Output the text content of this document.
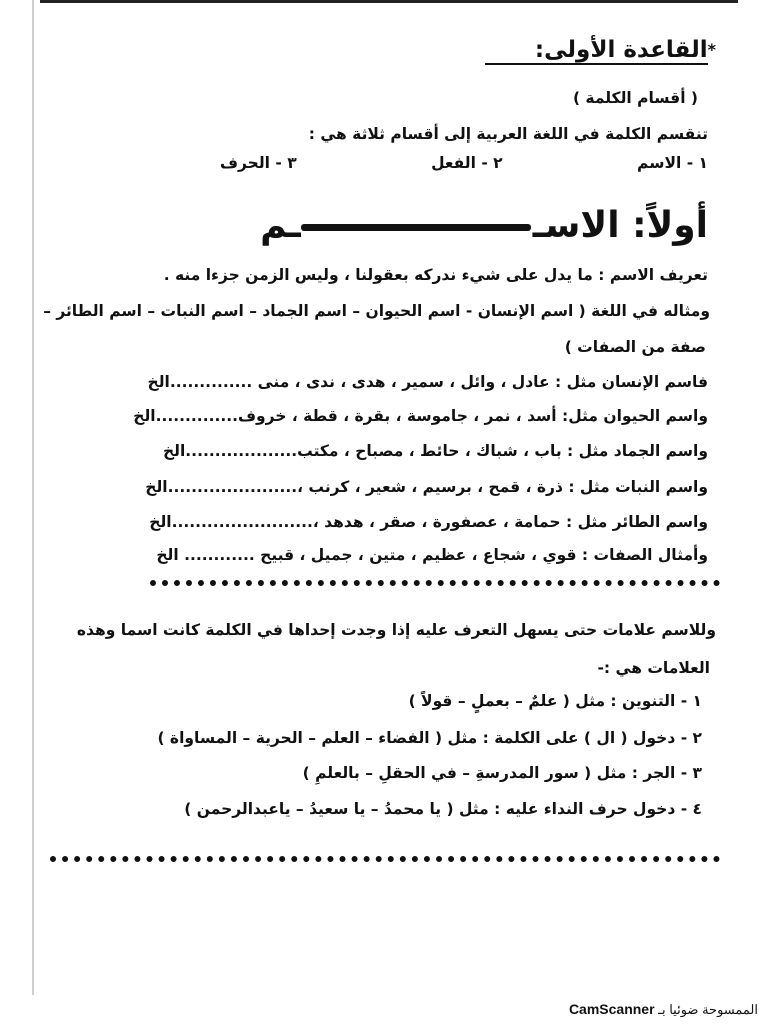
*القاعدة الأولى:
( أقسام الكلمة )
تنقسم الكلمة في اللغة العربية إلى أقسام ثلاثة هي :
١ - الاسم
٢ - الفعل
٣ - الحرف
أولاً: الاســم
تعريف الاسم : ما يدل على شيء ندركه بعقولنا ، وليس الزمن جزءا منه .
ومثاله في اللغة ( اسم الإنسان - اسم الحيوان – اسم الجماد – اسم النبات – اسم الطائر –
صفة من الصفات )
فاسم الإنسان مثل : عادل ، وائل ، سمير ، هدى ، ندى ، منى ..............الخ
واسم الحيوان مثل: أسد ، نمر ، جاموسة ، بقرة ، قطة ، خروف..............الخ
واسم الجماد مثل : باب ، شباك ، حائط ، مصباح ، مكتب...................الخ
واسم النبات مثل : ذرة ، قمح ، برسيم ، شعير ، كرنب ،......................الخ
واسم الطائر مثل : حمامة ، عصفورة ، صقر ، هدهد ،........................الخ
وأمثال الصفات : قوي ، شجاع ، عظيم ، متين ، جميل ، قبيح ............ الخ
وللاسم علامات حتى يسهل التعرف عليه إذا وجدت إحداها في الكلمة كانت اسما وهذه
العلامات هي :-
١ - التنوين : مثل ( علمٌ – بعملٍ – قولاً )
٢ - دخول ( ال ) على الكلمة : مثل ( الفضاء – العلم – الحرية – المساواة )
٣ - الجر : مثل ( سور المدرسةِ – في الحقلِ – بالعلمِ )
٤ - دخول حرف النداء عليه : مثل ( يا محمدُ – يا سعيدُ – ياعبدالرحمن )
الممسوحة ضوئيا بـ CamScanner
